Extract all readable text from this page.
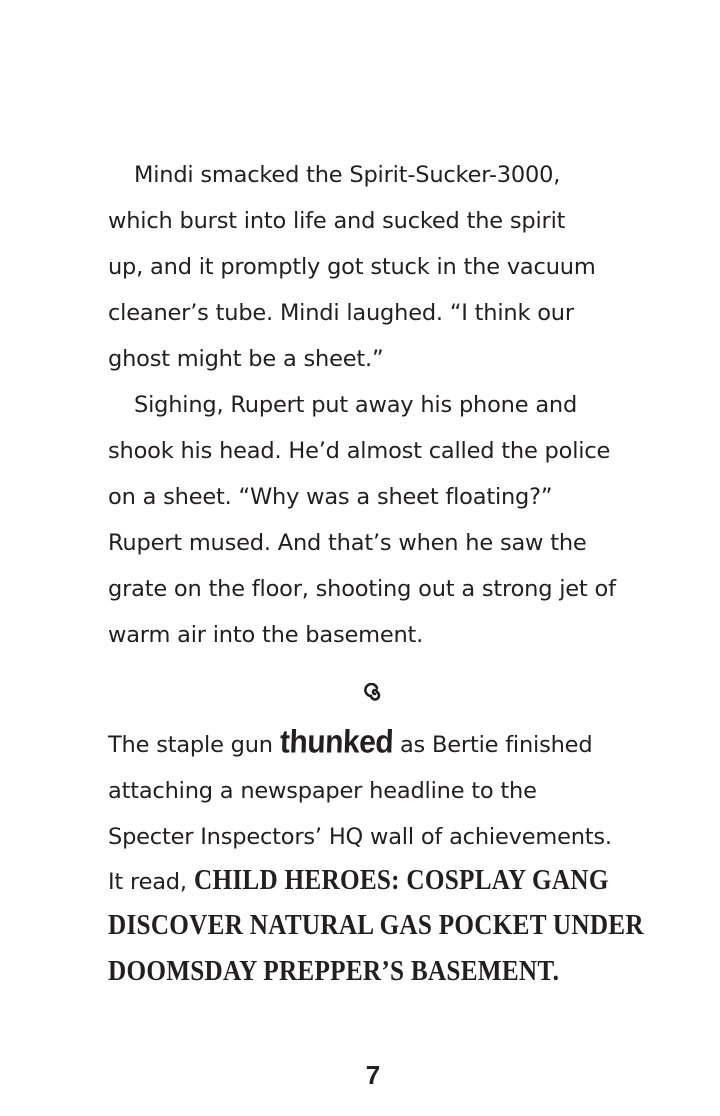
Mindi smacked the Spirit-Sucker-3000,
which burst into life and sucked the spirit
up, and it promptly got stuck in the vacuum
cleaner’s tube. Mindi laughed. “I think our
ghost might be a sheet.”
Sighing, Rupert put away his phone and
shook his head. He’d almost called the police
on a sheet. “Why was a sheet floating?”
Rupert mused. And that’s when he saw the
grate on the floor, shooting out a strong jet of
warm air into the basement.
The staple gun thunked as Bertie finished
attaching a newspaper headline to the
Specter Inspectors’ HQ wall of achievements.
It read, CHILD HEROES: COSPLAY GANG
DISCOVER NATURAL GAS POCKET UNDER
DOOMSDAY PREPPER’S BASEMENT.
7
